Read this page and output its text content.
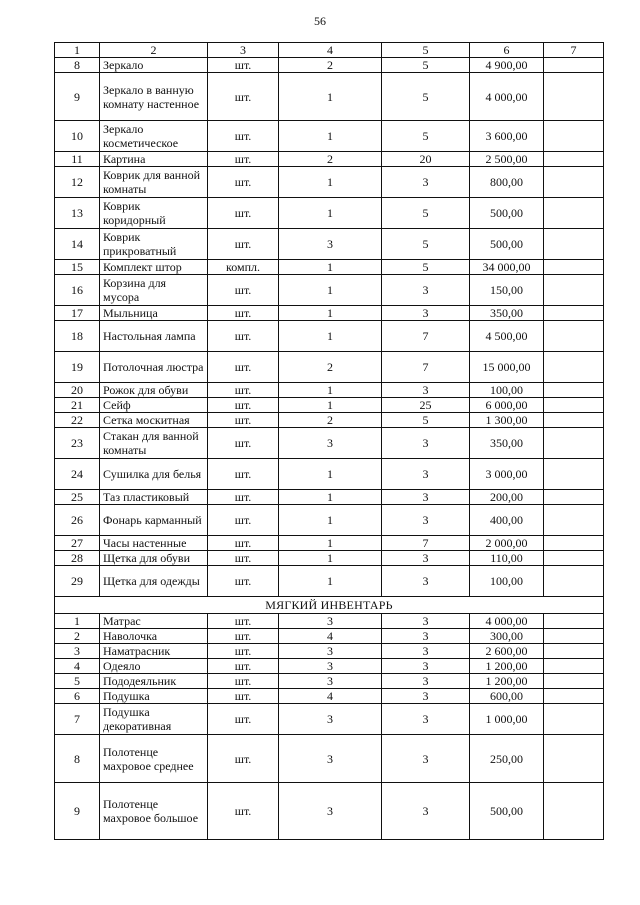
56
1	2	3	4	5	6	7
8	Зеркало	шт.	2	5	4 900,00	
9	Зеркало в ванную комнату настенное	шт.	1	5	4 000,00	
10	Зеркало косметическое	шт.	1	5	3 600,00	
11	Картина	шт.	2	20	2 500,00	
12	Коврик для ванной комнаты	шт.	1	3	800,00	
13	Коврик коридорный	шт.	1	5	500,00	
14	Коврик прикроватный	шт.	3	5	500,00	
15	Комплект штор	компл.	1	5	34 000,00	
16	Корзина для мусора	шт.	1	3	150,00	
17	Мыльница	шт.	1	3	350,00	
18	Настольная лампа	шт.	1	7	4 500,00	
19	Потолочная люстра	шт.	2	7	15 000,00	
20	Рожок для обуви	шт.	1	3	100,00	
21	Сейф	шт.	1	25	6 000,00	
22	Сетка москитная	шт.	2	5	1 300,00	
23	Стакан для ванной комнаты	шт.	3	3	350,00	
24	Сушилка для белья	шт.	1	3	3 000,00	
25	Таз пластиковый	шт.	1	3	200,00	
26	Фонарь карманный	шт.	1	3	400,00	
27	Часы настенные	шт.	1	7	2 000,00	
28	Щетка для обуви	шт.	1	3	110,00	
29	Щетка для одежды	шт.	1	3	100,00	
МЯГКИЙ ИНВЕНТАРЬ						
1	Матрас	шт.	3	3	4 000,00	
2	Наволочка	шт.	4	3	300,00	
3	Наматрасник	шт.	3	3	2 600,00	
4	Одеяло	шт.	3	3	1 200,00	
5	Пододеяльник	шт.	3	3	1 200,00	
6	Подушка	шт.	4	3	600,00	
7	Подушка декоративная	шт.	3	3	1 000,00	
8	Полотенце махровое среднее	шт.	3	3	250,00	
9	Полотенце махровое большое	шт.	3	3	500,00	
